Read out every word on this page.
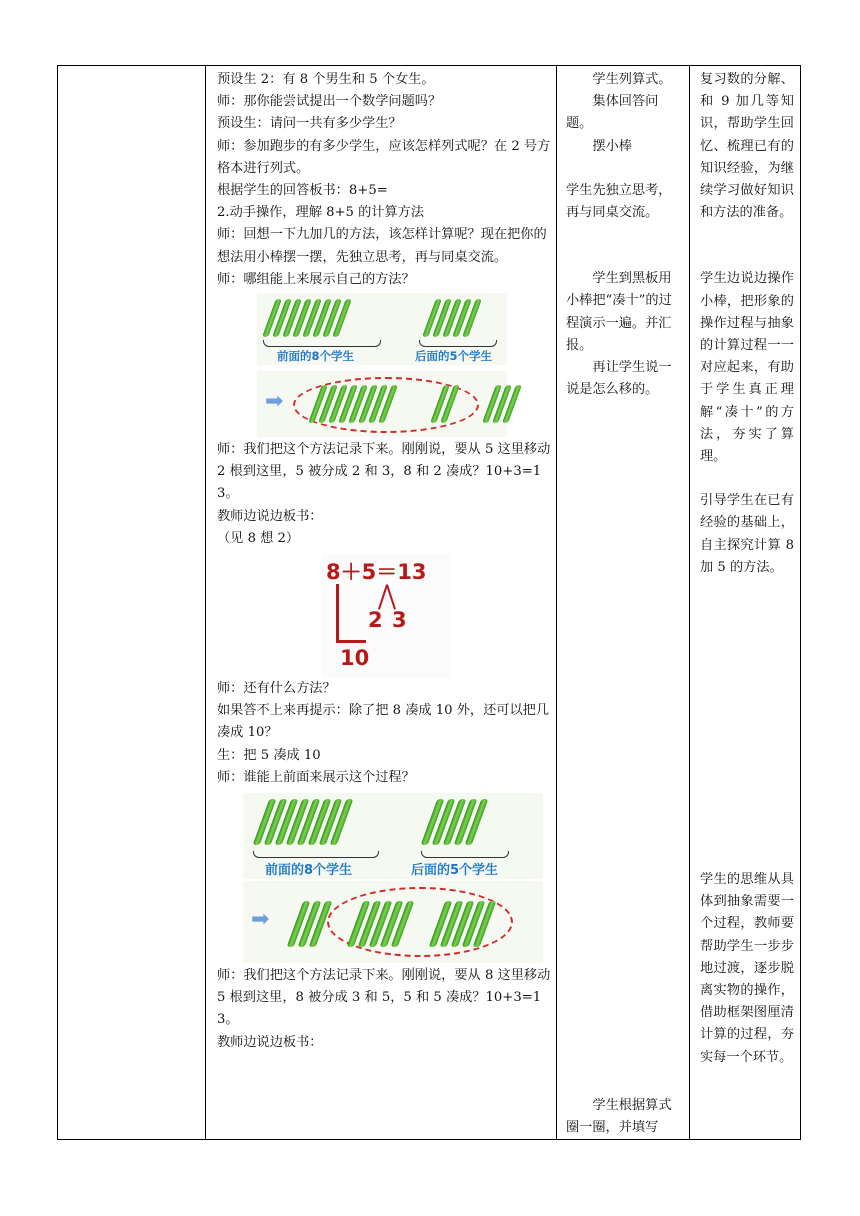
预设生 2：有 8 个男生和 5 个女生。

师：那你能尝试提出一个数学问题吗？

预设生：请问一共有多少学生？

师：参加跑步的有多少学生，应该怎样列式呢？在 2 号方格本进行列式。

根据学生的回答板书：8+5=

2.动手操作，理解 8+5 的计算方法

师：回想一下九加几的方法，该怎样计算呢？现在把你的想法用小棒摆一摆，先独立思考，再与同桌交流。

师：哪组能上来展示自己的方法？

前面的8个学生	后面的5个学生
➡

师：我们把这个方法记录下来。刚刚说，要从 5 这里移动 2 根到这里，5 被分成 2 和 3，8 和 2 凑成？10+3=13。

教师边说边板书：

（见 8 想 2）

8＋5＝13
2 3
10

师：还有什么方法？

如果答不上来再提示：除了把 8 凑成 10 外，还可以把几凑成 10？

生：把 5 凑成 10

师：谁能上前面来展示这个过程？

前面的8个学生	后面的5个学生
➡

师：我们把这个方法记录下来。刚刚说，要从 8 这里移动 5 根到这里，8 被分成 3 和 5，5 和 5 凑成？10+3=13。

教师边说边板书：

学生列算式。

集体回答问题。

摆小棒

学生先独立思考，再与同桌交流。

学生到黑板用小棒把“凑十”的过程演示一遍。并汇报。

再让学生说一说是怎么移的。

学生根据算式圈一圈，并填写

复习数的分解、和 9 加几等知识，帮助学生回忆、梳理已有的知识经验，为继续学习做好知识和方法的准备。

学生边说边操作小棒，把形象的操作过程与抽象的计算过程一一对应起来，有助于学生真正理解“凑十”的方法，夯实了算理。

引导学生在已有经验的基础上，自主探究计算 8 加 5 的方法。

学生的思维从具体到抽象需要一个过程，教师要帮助学生一步步地过渡，逐步脱离实物的操作，借助框架图厘清计算的过程，夯实每一个环节。
